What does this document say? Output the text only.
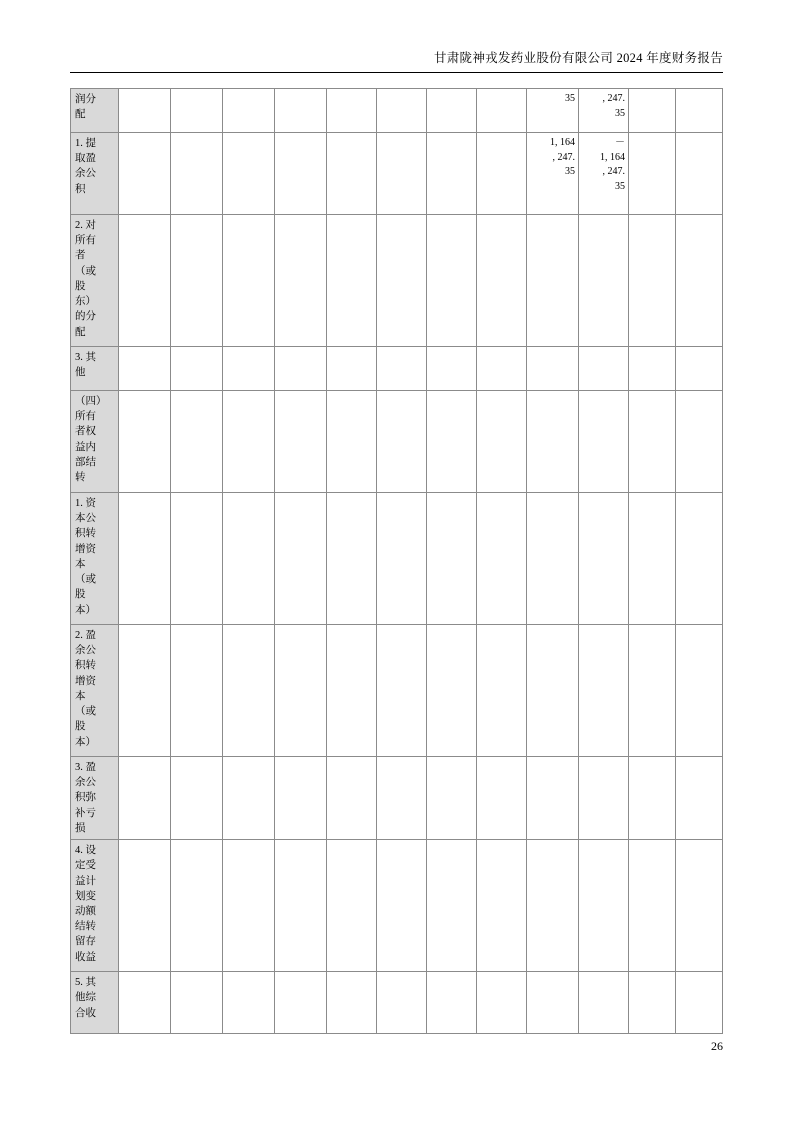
甘肃陇神戎发药业股份有限公司 2024 年度财务报告
润分配									35	, 247.
35		

1. 提取盈余公积									1, 164
, 247.
35	－
1, 164
, 247.
35		

2. 对所有者（或股东）的分配												

3. 其他												

（四）所有者权益内部结转												

1. 资本公积转增资本（或股本）												

2. 盈余公积转增资本（或股本）												

3. 盈余公积弥补亏损												

4. 设定受益计划变动额结转留存收益												

5. 其他综合收												

26
